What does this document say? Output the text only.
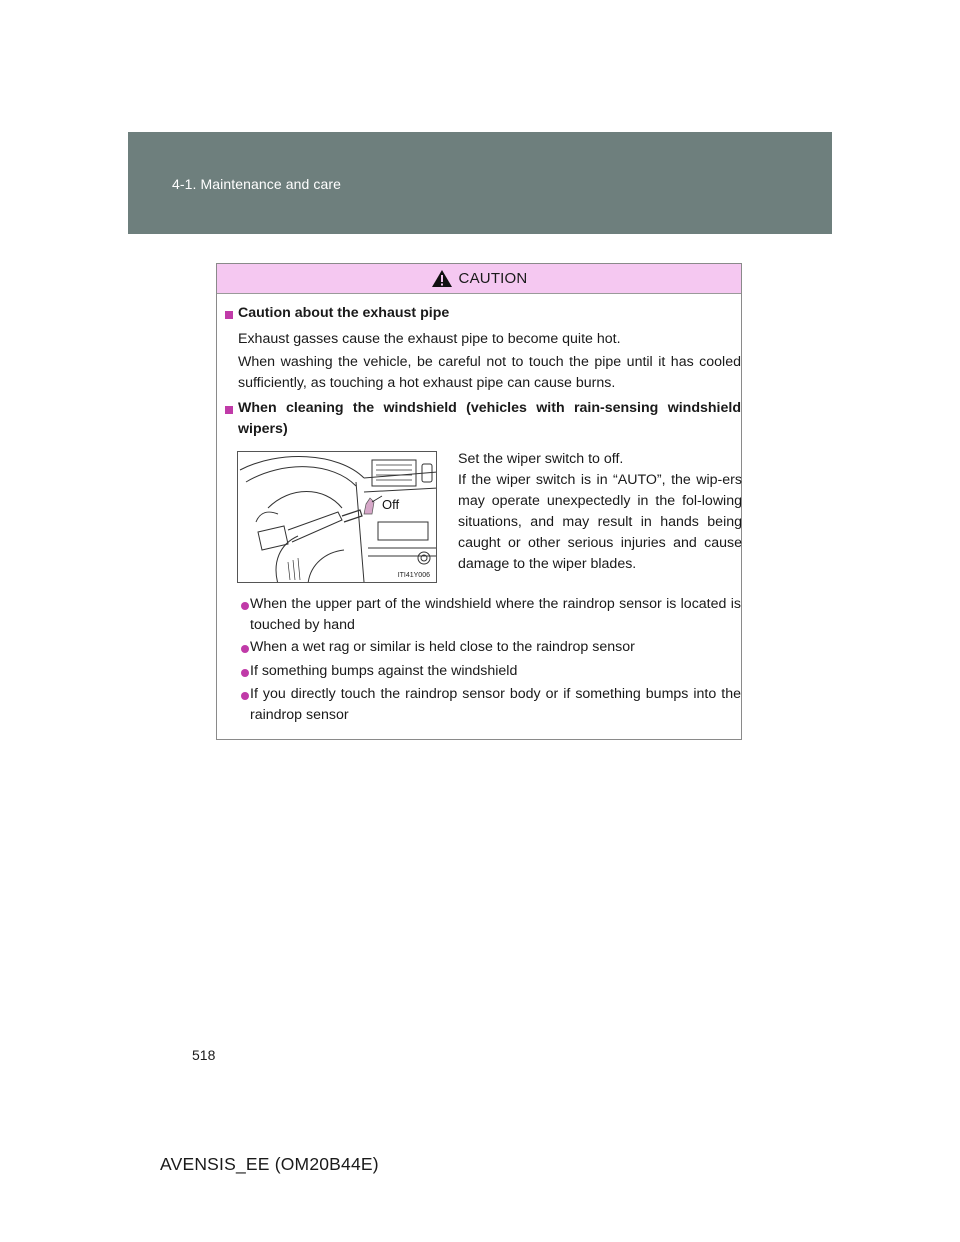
4-1. Maintenance and care
CAUTION
Caution about the exhaust pipe
Exhaust gasses cause the exhaust pipe to become quite hot.
When washing the vehicle, be careful not to touch the pipe until it has cooled sufficiently, as touching a hot exhaust pipe can cause burns.
When cleaning the windshield (vehicles with rain-sensing windshield wipers)
Off
ITI41Y006
Set the wiper switch to off.
If the wiper switch is in “AUTO”, the wip-ers may operate unexpectedly in the fol-lowing situations, and may result in hands being caught or other serious injuries and cause damage to the wiper blades.
When the upper part of the windshield where the raindrop sensor is located is touched by hand
When a wet rag or similar is held close to the raindrop sensor
If something bumps against the windshield
If you directly touch the raindrop sensor body or if something bumps into the raindrop sensor
518
AVENSIS_EE (OM20B44E)
